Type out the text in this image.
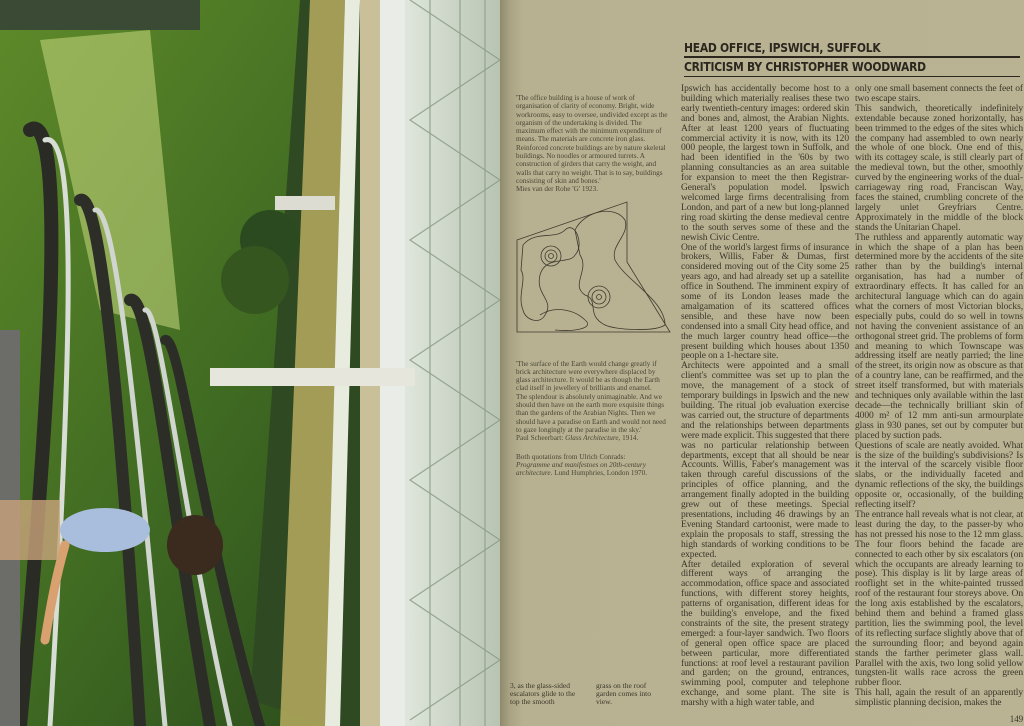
HEAD OFFICE, IPSWICH, SUFFOLK
CRITICISM BY CHRISTOPHER WOODWARD
'The office building is a house of work of organisation of clarity of economy. Bright, wide workrooms, easy to oversee, undivided except as the organism of the undertaking is divided. The maximum effect with the minimum expenditure of means. The materials are concrete iron glass. Reinforced concrete buildings are by nature skeletal buildings. No noodles or armoured turrets. A construction of girders that carry the weight, and walls that carry no weight. That is to say, buildings consisting of skin and bones.'
Mies van der Rohe 'G' 1923.
'The surface of the Earth would change greatly if brick architecture were everywhere displaced by glass architecture. It would be as though the Earth clad itself in jewellery of brilliants and enamel.
The splendour is absolutely unimaginable. And we should then have on the earth more exquisite things than the gardens of the Arabian Nights. Then we should have a paradise on Earth and would not need to gaze longingly at the paradise in the sky.'
Paul Scheerbart: Glass Architecture, 1914.
Both quotations from Ulrich Conrads:
Programme and manifestoes on 20th-century architecture. Lund Humphries, London 1970.

Ipswich has accidentally become host to a building which materially realises these two early twentieth-century images: ordered skin and bones and, almost, the Arabian Nights. After at least 1200 years of fluctuating commercial activity it is now, with its 120 000 people, the largest town in Suffolk, and had been identified in the '60s by two planning consultancies as an area suitable for expansion to meet the then Registrar-General's population model. Ipswich welcomed large firms decentralising from London, and part of a new but long-planned ring road skirting the dense medieval centre to the south serves some of these and the newish Civic Centre.

One of the world's largest firms of insurance brokers, Willis, Faber & Dumas, first considered moving out of the City some 25 years ago, and had already set up a satellite office in Southend. The imminent expiry of some of its London leases made the amalgamation of its scattered offices sensible, and these have now been condensed into a small City head office, and the much larger country head office—the present building which houses about 1350 people on a 1-hectare site.

Architects were appointed and a small client's committee was set up to plan the move, the management of a stock of temporary buildings in Ipswich and the new building. The ritual job evaluation exercise was carried out, the structure of departments and the relationships between departments were made explicit. This suggested that there was no particular relationship between departments, except that all should be near Accounts. Willis, Faber's management was taken through careful discussions of the principles of office planning, and the arrangement finally adopted in the building grew out of these meetings. Special presentations, including 46 drawings by an Evening Standard cartoonist, were made to explain the proposals to staff, stressing the high standards of working conditions to be expected.

After detailed exploration of several different ways of arranging the accommodation, office space and associated functions, with different storey heights, patterns of organisation, different ideas for the building's envelope, and the fixed constraints of the site, the present strategy emerged: a four-layer sandwich. Two floors of general open office space are placed between particular, more differentiated functions: at roof level a restaurant pavilion and garden; on the ground, entrances, swimming pool, computer and telephone exchange, and some plant. The site is marshy with a high water table, and

only one small basement connects the feet of two escape stairs.

This sandwich, theoretically indefinitely extendable because zoned horizontally, has been trimmed to the edges of the sites which the company had assembled to own nearly the whole of one block. One end of this, with its cottagey scale, is still clearly part of the medieval town, but the other, smoothly curved by the engineering works of the dual-carriageway ring road, Franciscan Way, faces the stained, crumbling concrete of the largely unlet Greyfriars Centre. Approximately in the middle of the block stands the Unitarian Chapel.

The ruthless and apparently automatic way in which the shape of a plan has been determined more by the accidents of the site rather than by the building's internal organisation, has had a number of extraordinary effects. It has called for an architectural language which can do again what the corners of most Victorian blocks, especially pubs, could do so well in towns not having the convenient assistance of an orthogonal street grid. The problems of form and meaning to which Townscape was addressing itself are neatly parried; the line of the street, its origin now as obscure as that of a country lane, can be reaffirmed, and the street itself transformed, but with materials and techniques only available within the last decade—the technically brilliant skin of 4000 m² of 12 mm anti-sun armourplate glass in 930 panes, set out by computer but placed by suction pads.

Questions of scale are neatly avoided. What is the size of the building's subdivisions? Is it the interval of the scarcely visible floor slabs, or the individually faceted and dynamic reflections of the sky, the buildings opposite or, occasionally, of the building reflecting itself?

The entrance hall reveals what is not clear, at least during the day, to the passer-by who has not pressed his nose to the 12 mm glass. The four floors behind the facade are connected to each other by six escalators (on which the occupants are already learning to pose). This display is lit by large areas of rooflight set in the white-painted trussed roof of the restaurant four storeys above. On the long axis established by the escalators, behind them and behind a framed glass partition, lies the swimming pool, the level of its reflecting surface slightly above that of the surrounding floor; and beyond again stands the farther perimeter glass wall. Parallel with the axis, two long solid yellow tungsten-lit walls race across the green rubber floor.

This hall, again the result of an apparently simplistic planning decision, makes the

149
3, as the glass-sided escalators glide to the top the smooth
grass on the roof garden comes into view.
